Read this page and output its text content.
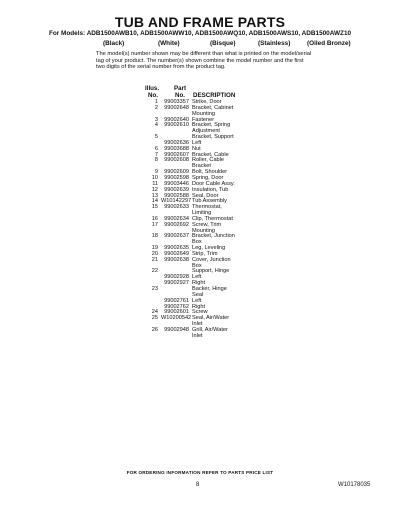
TUB AND FRAME PARTS
For Models: ADB1500AWB10, ADB1500AWW10, ADB1500AWQ10, ADB1500AWS10, ADB1500AWZ10
(Black)	(White)	(Bisque)	(Stainless)	(Oiled Bronze)
The model(s) number shown may be different than what is printed on the model/serial tag of your product. The number(s) shown combine the model number and the first two digits of the serial number from the product tag.
Illus.
No.
Part
No. DESCRIPTION
1	99003357 Strike, Door
2	99002648 Bracket, Cabinet
Mounting
3	99002640 Fastener
4	99002610 Bracket, Spring
Adjustment
5	Bracket, Support
99002636 Left
6	99003688 Nut
7	99002607 Bracket, Cable
8	99002608 Roller, Cable
Bracket
9	99002609 Bolt, Shoulder
10	99002598 Spring, Door
11	99003446 Door Cable Assy.
12	99002639 Insulation, Tub
13	99002588 Seal, Door
14 W10142297 Tub Assembly
15	99002633 Thermostat,
Limiting
16	99002634 Clip, Thermostat
17	99002692 Screw, Trim
Mounting
18	99002637 Bracket, Junction
Box
19	99002635 Leg, Leveling
20	99002649 Strip, Trim
21	99002638 Cover, Junction
Box
22	Support, Hinge
99002928 Left
99002927 Right
23	Backer, Hinge
Seal
99002761 Left
99002762 Right
24	99002601 Screw
25 W10200542 Seal, Air/Water
Inlet
26	99002948 Grill, Air/Water
Inlet
FOR ORDERING INFORMATION REFER TO PARTS PRICE LIST
8	W10178035
